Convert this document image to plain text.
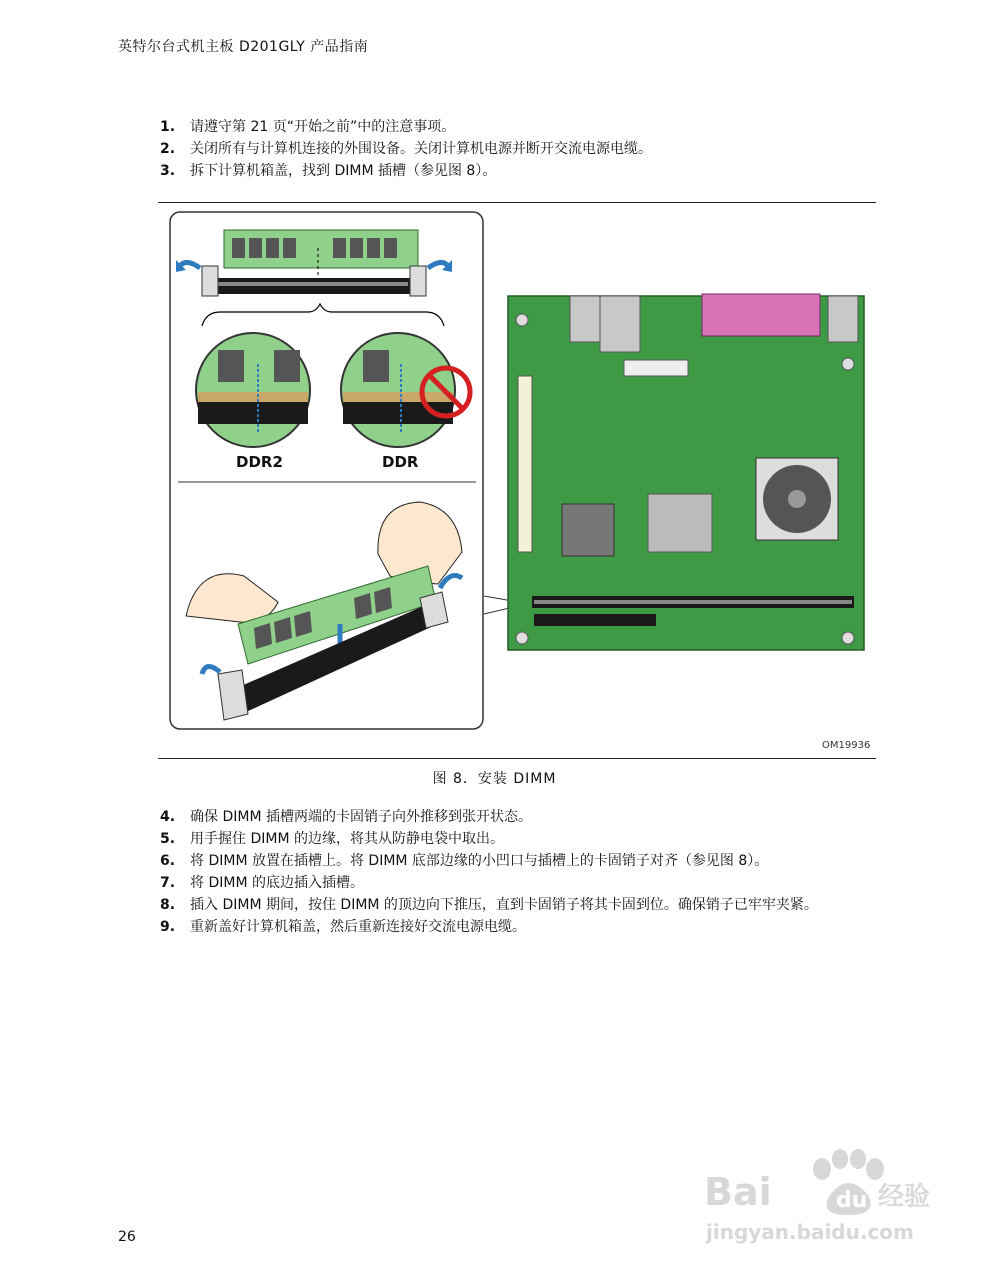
英特尔台式机主板 D201GLY 产品指南
1.	请遵守第 21 页“开始之前”中的注意事项。
2.	关闭所有与计算机连接的外围设备。关闭计算机电源并断开交流电源电缆。
3.	拆下计算机箱盖，找到 DIMM 插槽（参见图 8）。
DDR2	DDR
OM19936
图 8．安装 DIMM
4.	确保 DIMM 插槽两端的卡固销子向外推移到张开状态。
5.	用手握住 DIMM 的边缘，将其从防静电袋中取出。
6.	将 DIMM 放置在插槽上。将 DIMM 底部边缘的小凹口与插槽上的卡固销子对齐（参见图 8）。
7.	将 DIMM 的底边插入插槽。
8.	插入 DIMM 期间，按住 DIMM 的顶边向下推压，直到卡固销子将其卡固到位。确保销子已牢牢夹紧。
9.	重新盖好计算机箱盖，然后重新连接好交流电源电缆。
Bai	du 经验
jingyan.baidu.com
26
